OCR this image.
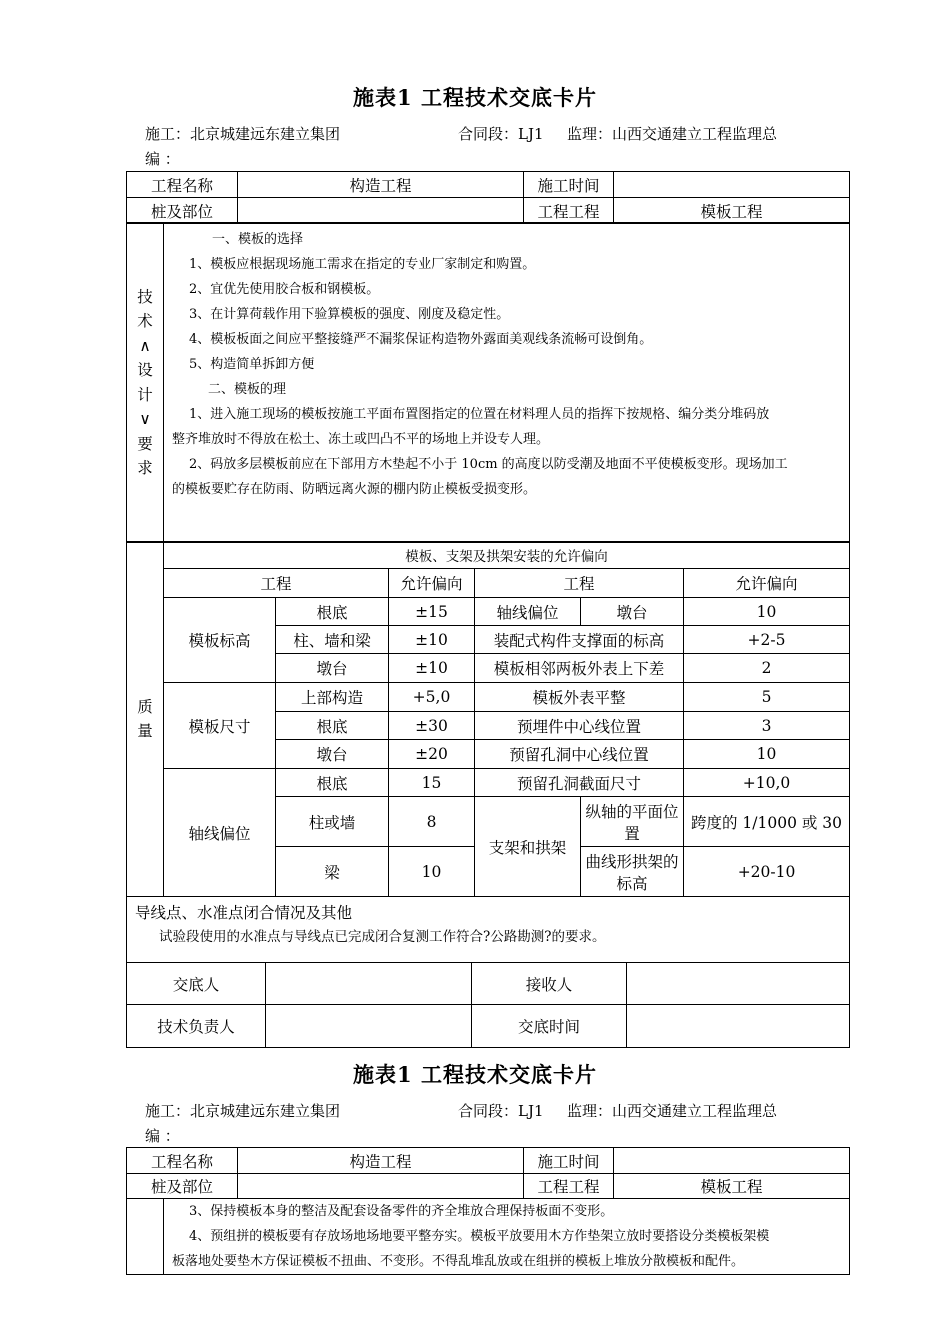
施表1 工程技术交底卡片
施工：北京城建远东建立集团	合同段：LJ1 监理：山西交通建立工程监理总
编 ：
工程名称	构造工程	施工时间	
桩及部位		工程工程	模板工程
技
术
∧
设
计
∨
要
求

一、模板的选择

1、模板应根据现场施工需求在指定的专业厂家制定和购置。

2、宜优先使用胶合板和钢模板。

3、在计算荷载作用下验算模板的强度、刚度及稳定性。

4、模板板面之间应平整接缝严不漏浆保证构造物外露面美观线条流畅可设倒角。

5、构造简单拆卸方便

二、模板的理

1、进入施工现场的模板按施工平面布置图指定的位置在材料理人员的指挥下按规格、编分类分堆码放

整齐堆放时不得放在松土、冻土或凹凸不平的场地上并设专人理。

2、码放多层模板前应在下部用方木垫起不小于 10cm 的高度以防受潮及地面不平使模板变形。现场加工

的模板要贮存在防雨、防晒远离火源的棚内防止模板受损变形。

质
量	模板、支架及拱架安装的允许偏向					
	工程		允许偏向	工程		允许偏向
	模板标高	根底	±15	轴线偏位	墩台	10
		柱、墙和梁	±10	装配式构件支撑面的标高		+2-5
		墩台	±10	模板相邻两板外表上下差		2
	模板尺寸	上部构造	+5,0	模板外表平整		5
		根底	±30	预埋件中心线位置		3
		墩台	±20	预留孔洞中心线位置		10
	轴线偏位	根底	15	预留孔洞截面尺寸		+10,0
		柱或墙	8	支架和拱架	纵轴的平面位置	跨度的 1/1000 或 30
		梁	10		曲线形拱架的标高	+20-10
导线点、水准点闭合情况及其他
试验段使用的水准点与导线点已完成闭合复测工作符合?公路勘测?的要求。
交底人		接收人	
技术负责人		交底时间	
施表1 工程技术交底卡片
施工：北京城建远东建立集团	合同段：LJ1 监理：山西交通建立工程监理总
编 ：
工程名称	构造工程	施工时间	
桩及部位		工程工程	模板工程

3、保持模板本身的整洁及配套设备零件的齐全堆放合理保持板面不变形。

4、预组拼的模板要有存放场地场地要平整夯实。模板平放要用木方作垫架立放时要搭设分类模板架模

板落地处要垫木方保证模板不扭曲、不变形。不得乱堆乱放或在组拼的模板上堆放分散模板和配件。
